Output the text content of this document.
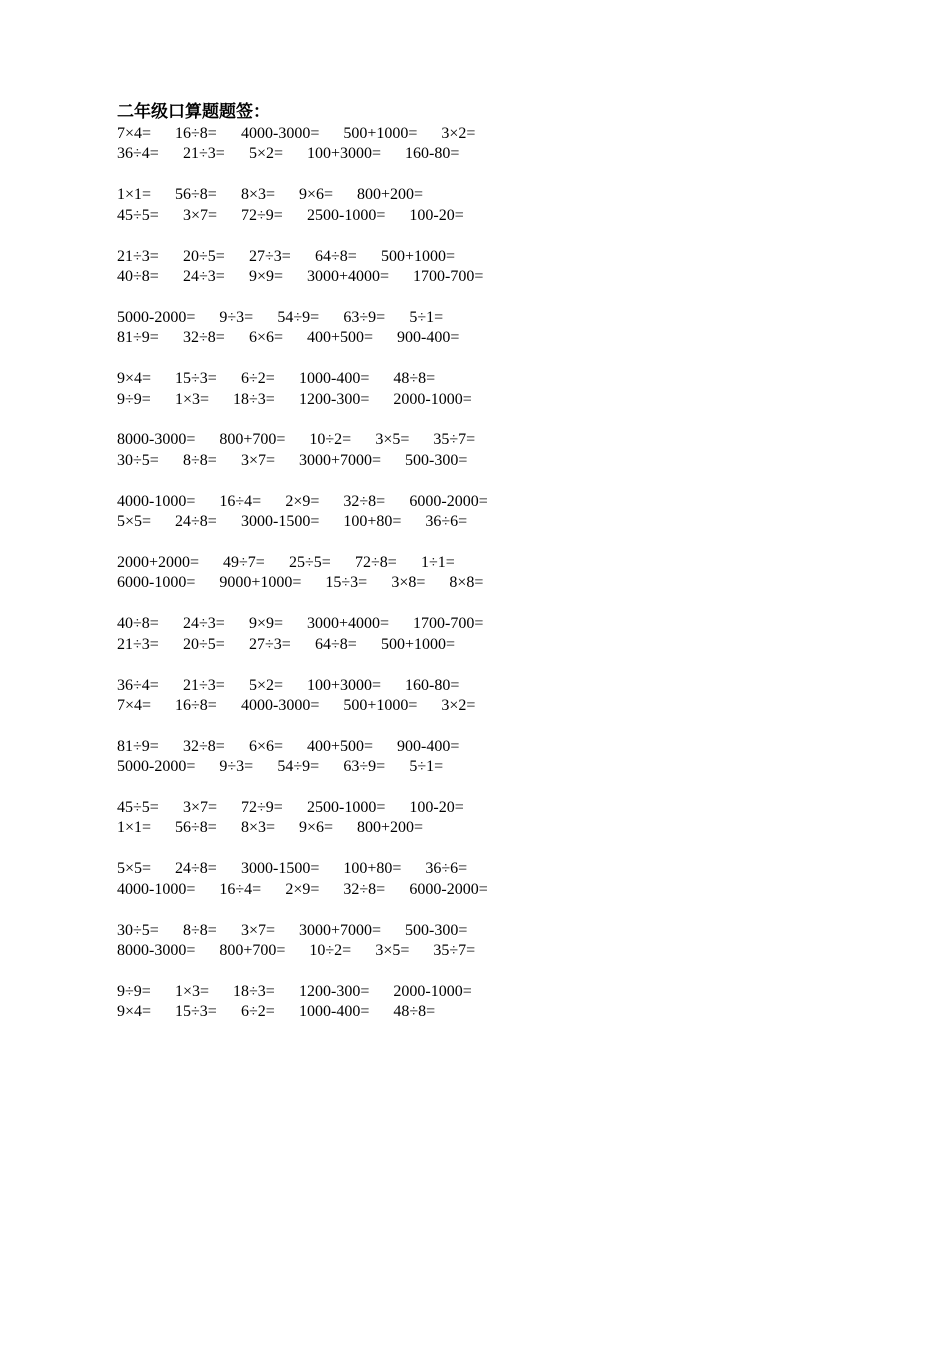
二年级口算题题签：
7×4= 16÷8= 4000-3000= 500+1000= 3×2=
36÷4= 21÷3= 5×2= 100+3000= 160-80=
1×1= 56÷8= 8×3= 9×6= 800+200=
45÷5= 3×7= 72÷9= 2500-1000= 100-20=
21÷3= 20÷5= 27÷3= 64÷8= 500+1000=
40÷8= 24÷3= 9×9= 3000+4000= 1700-700=
5000-2000= 9÷3= 54÷9= 63÷9= 5÷1=
81÷9= 32÷8= 6×6= 400+500= 900-400=
9×4= 15÷3= 6÷2= 1000-400= 48÷8=
9÷9= 1×3= 18÷3= 1200-300= 2000-1000=
8000-3000= 800+700= 10÷2= 3×5= 35÷7=
30÷5= 8÷8= 3×7= 3000+7000= 500-300=
4000-1000= 16÷4= 2×9= 32÷8= 6000-2000=
5×5= 24÷8= 3000-1500= 100+80= 36÷6=
2000+2000= 49÷7= 25÷5= 72÷8= 1÷1=
6000-1000= 9000+1000= 15÷3= 3×8= 8×8=
40÷8= 24÷3= 9×9= 3000+4000= 1700-700=
21÷3= 20÷5= 27÷3= 64÷8= 500+1000=
36÷4= 21÷3= 5×2= 100+3000= 160-80=
7×4= 16÷8= 4000-3000= 500+1000= 3×2=
81÷9= 32÷8= 6×6= 400+500= 900-400=
5000-2000= 9÷3= 54÷9= 63÷9= 5÷1=
45÷5= 3×7= 72÷9= 2500-1000= 100-20=
1×1= 56÷8= 8×3= 9×6= 800+200=
5×5= 24÷8= 3000-1500= 100+80= 36÷6=
4000-1000= 16÷4= 2×9= 32÷8= 6000-2000=
30÷5= 8÷8= 3×7= 3000+7000= 500-300=
8000-3000= 800+700= 10÷2= 3×5= 35÷7=
9÷9= 1×3= 18÷3= 1200-300= 2000-1000=
9×4= 15÷3= 6÷2= 1000-400= 48÷8=
